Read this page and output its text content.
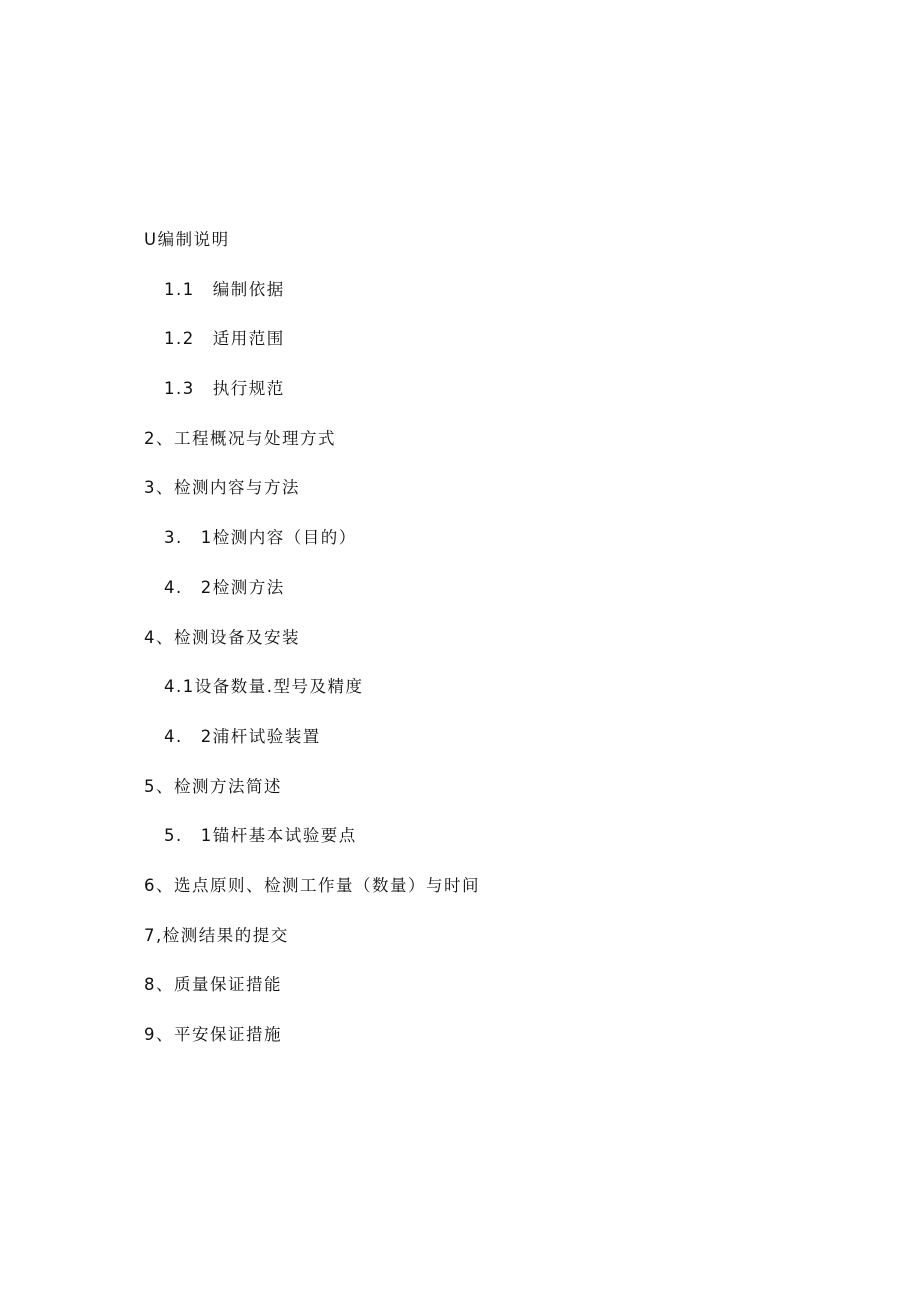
U编制说明
1.1　编制依据
1.2　适用范围
1.3　执行规范
2、工程概况与处理方式
3、检测内容与方法
3.　1检测内容（目的）
4.　2检测方法
4、检测设备及安装
4.1设备数量.型号及精度
4.　2浦杆试验装置
5、检测方法简述
5.　1锚杆基本试验要点
6、选点原则、检测工作量（数量）与时间
7,检测结果的提交
8、质量保证措能
9、平安保证措施
